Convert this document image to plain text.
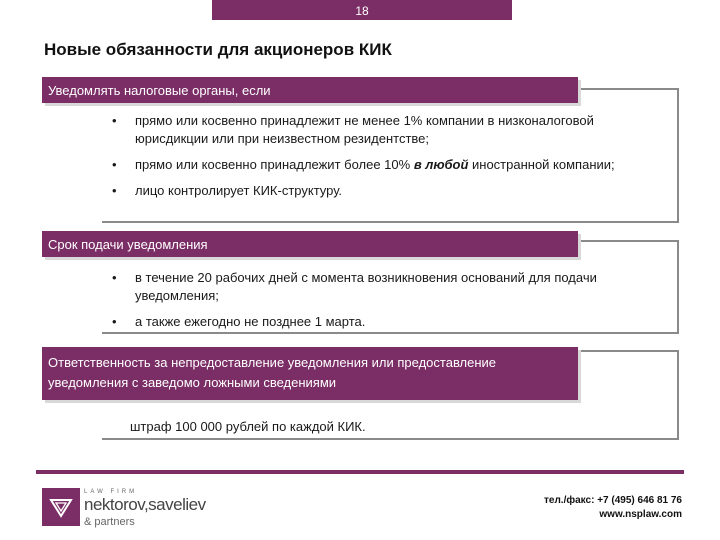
18
Новые обязанности для акционеров КИК
Уведомлять налоговые органы, если
• прямо или косвенно принадлежит не менее 1% компании в низконалоговой юрисдикции или при неизвестном резидентстве;
• прямо или косвенно принадлежит более 10% в любой иностранной компании;
• лицо контролирует КИК-структуру.
Срок подачи уведомления
• в течение 20 рабочих дней с момента возникновения оснований для подачи уведомления;
• а также ежегодно не позднее 1 марта.
Ответственность за непредоставление уведомления или предоставление уведомления с заведомо ложными сведениями
штраф 100 000 рублей по каждой КИК.
LAW FIRM
nektorov,saveliev
& partners
тел./факс: +7 (495) 646 81 76
www.nsplaw.com
